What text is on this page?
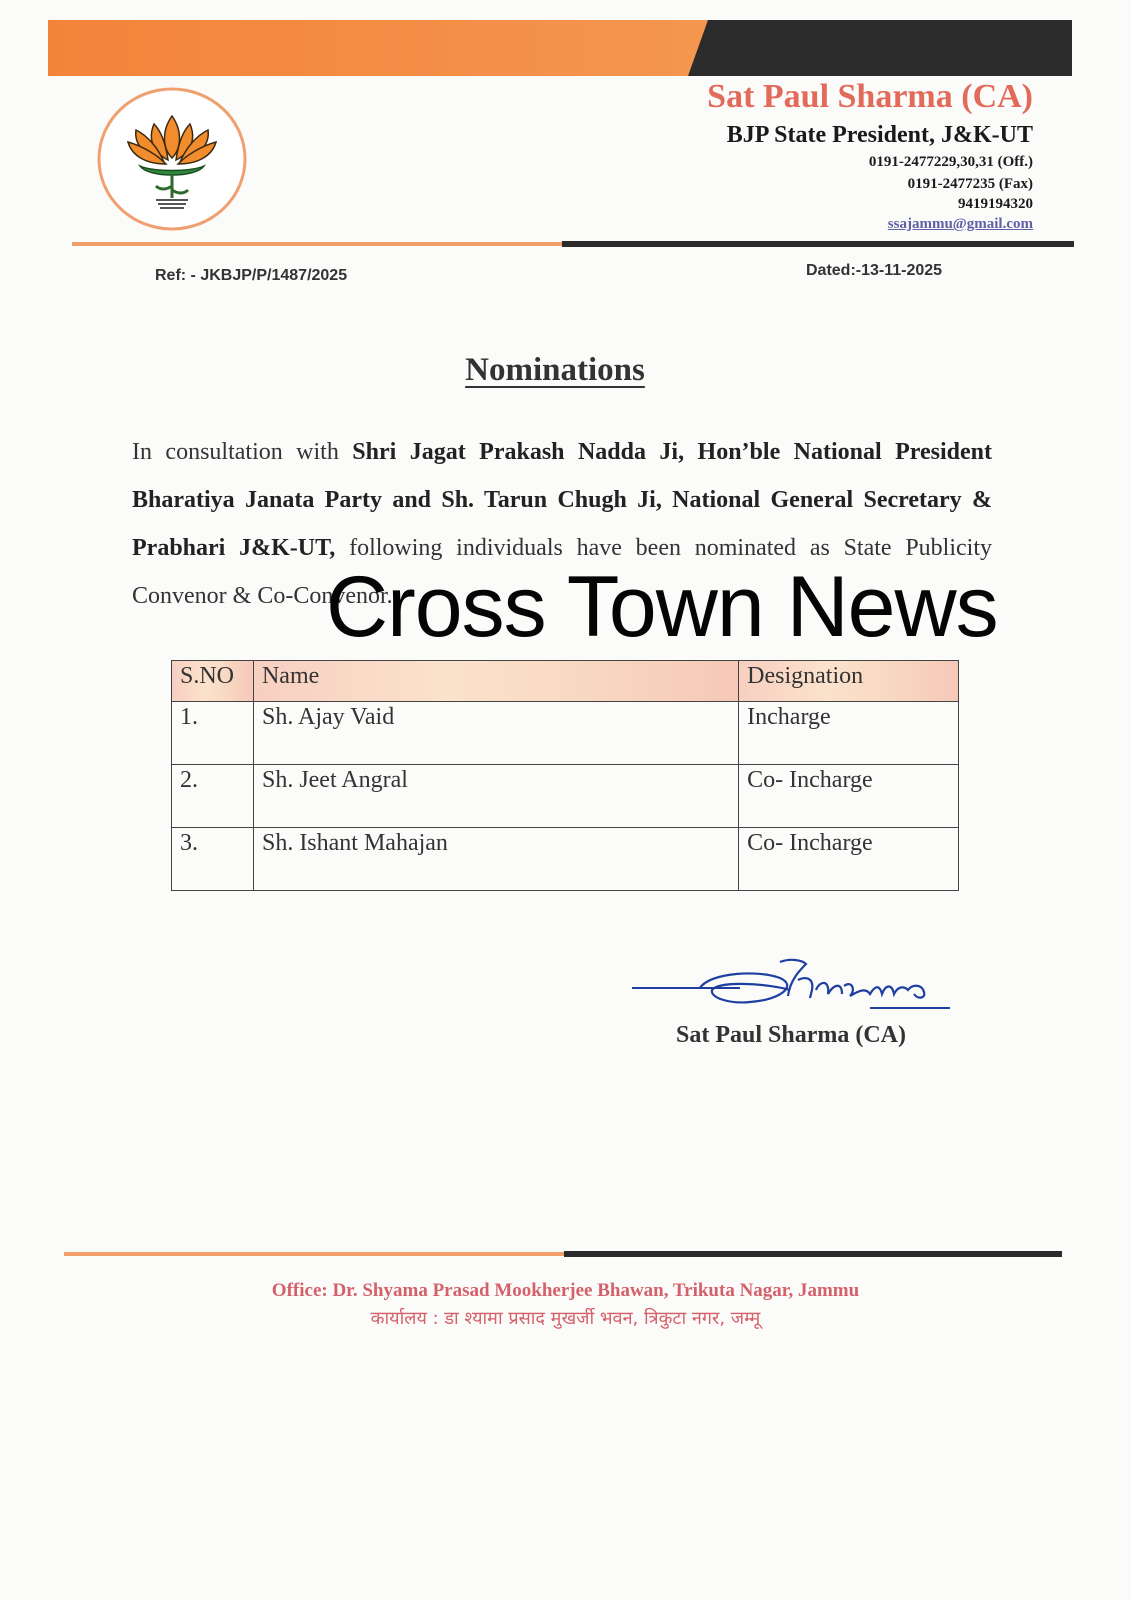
Sat Paul Sharma (CA)
BJP State President, J&K-UT
0191-2477229,30,31 (Off.)
0191-2477235 (Fax)
9419194320
ssajammu@gmail.com
Ref: - JKBJP/P/1487/2025	Dated:-13-11-2025
Nominations
In consultation with Shri Jagat Prakash Nadda Ji, Hon’ble National President Bharatiya Janata Party and Sh. Tarun Chugh Ji, National General Secretary & Prabhari J&K-UT, following individuals have been nominated as State Publicity Convenor & Co-Convenor.
Cross Town News
S.NO	Name	Designation
1.	Sh. Ajay Vaid	Incharge
2.	Sh. Jeet Angral	Co- Incharge
3.	Sh. Ishant Mahajan	Co- Incharge
Sat Paul Sharma (CA)
Office: Dr. Shyama Prasad Mookherjee Bhawan, Trikuta Nagar, Jammu
कार्यालय : डा श्यामा प्रसाद मुखर्जी भवन, त्रिकुटा नगर, जम्मू
